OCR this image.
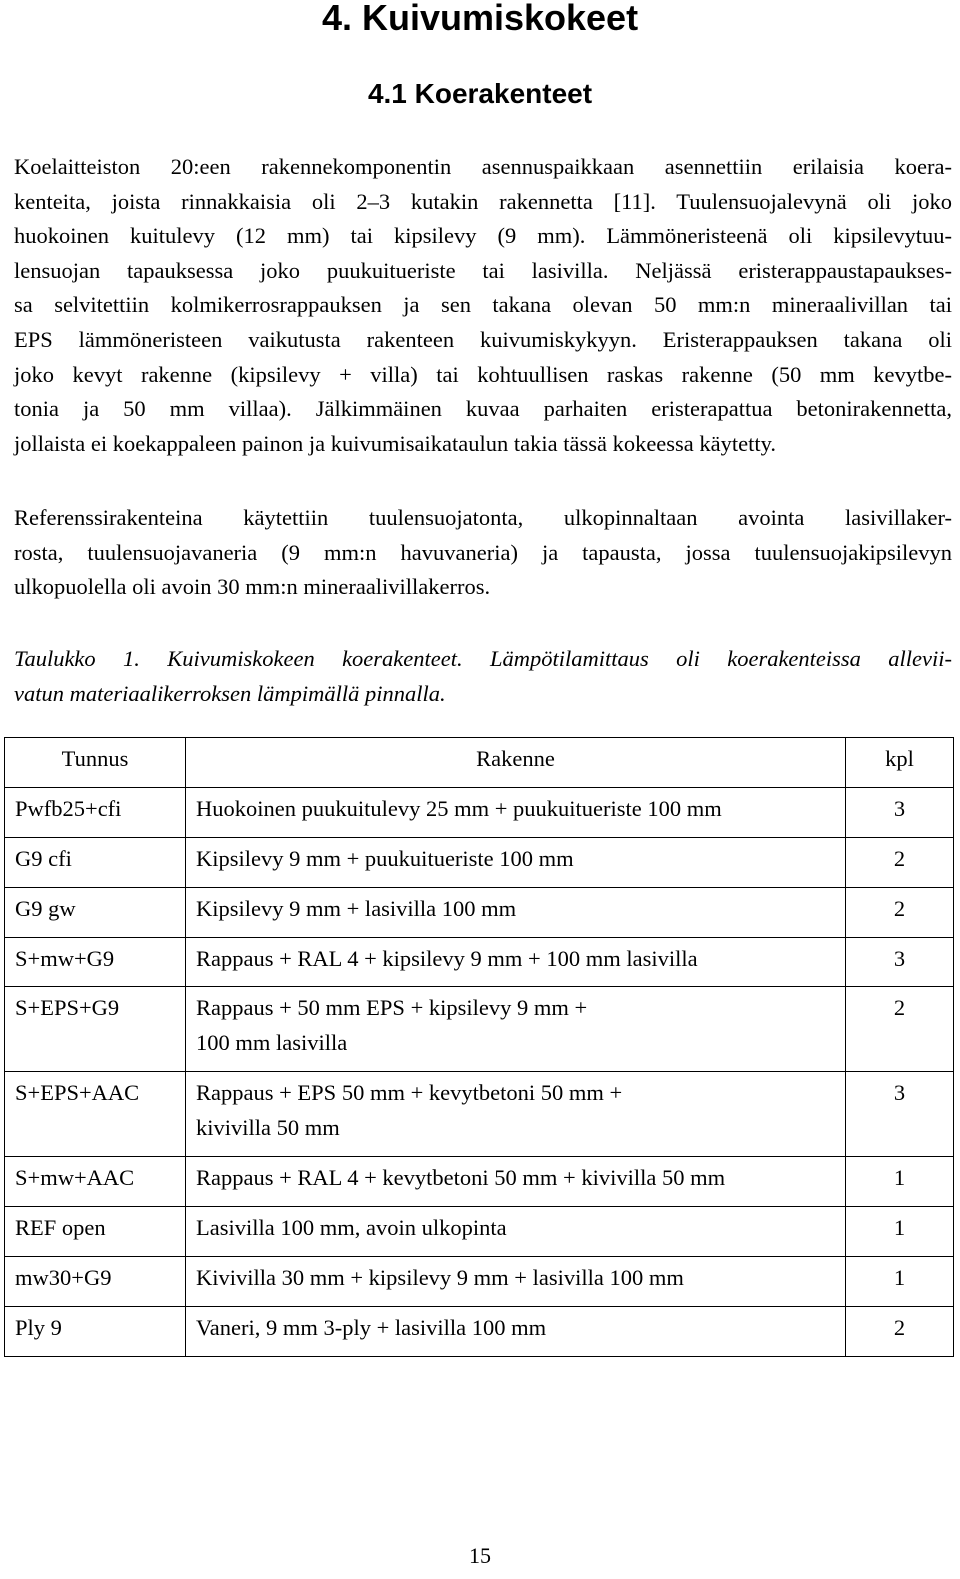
4. Kuivumiskokeet
4.1 Koerakenteet
Koelaitteiston 20:een rakennekomponentin asennuspaikkaan asennettiin erilaisia koera-
kenteita, joista rinnakkaisia oli 2–3 kutakin rakennetta [11]. Tuulensuojalevynä oli joko
huokoinen kuitulevy (12 mm) tai kipsilevy (9 mm). Lämmöneristeenä oli kipsilevytuu-
lensuojan tapauksessa joko puukuitueriste tai lasivilla. Neljässä eristerappaustapaukses-
sa selvitettiin kolmikerrosrappauksen ja sen takana olevan 50 mm:n mineraalivillan tai
EPS lämmöneristeen vaikutusta rakenteen kuivumiskykyyn. Eristerappauksen takana oli
joko kevyt rakenne (kipsilevy + villa) tai kohtuullisen raskas rakenne (50 mm kevytbe-
tonia ja 50 mm villaa). Jälkimmäinen kuvaa parhaiten eristerapattua betonirakennetta,
jollaista ei koekappaleen painon ja kuivumisaikataulun takia tässä kokeessa käytetty.
Referenssirakenteina käytettiin tuulensuojatonta, ulkopinnaltaan avointa lasivillaker-
rosta, tuulensuojavaneria (9 mm:n havuvaneria) ja tapausta, jossa tuulensuojakipsilevyn
ulkopuolella oli avoin 30 mm:n mineraalivillakerros.
Taulukko 1. Kuivumiskokeen koerakenteet. Lämpötilamittaus oli koerakenteissa allevii-
vatun materiaalikerroksen lämpimällä pinnalla.
Tunnus	Rakenne	kpl
Pwfb25+cfi	Huokoinen puukuitulevy 25 mm + puukuitueriste 100 mm	3
G9 cfi	Kipsilevy 9 mm + puukuitueriste 100 mm	2
G9 gw	Kipsilevy 9 mm + lasivilla 100 mm	2
S+mw+G9	Rappaus + RAL 4 + kipsilevy 9 mm + 100 mm lasivilla	3
S+EPS+G9	Rappaus + 50 mm EPS + kipsilevy 9 mm +
100 mm lasivilla	2
S+EPS+AAC	Rappaus + EPS 50 mm + kevytbetoni 50 mm +
kivivilla 50 mm	3
S+mw+AAC	Rappaus + RAL 4 + kevytbetoni 50 mm + kivivilla 50 mm	1
REF open	Lasivilla 100 mm, avoin ulkopinta	1
mw30+G9	Kivivilla 30 mm + kipsilevy 9 mm + lasivilla 100 mm	1
Ply 9	Vaneri, 9 mm 3-ply + lasivilla 100 mm	2
15
